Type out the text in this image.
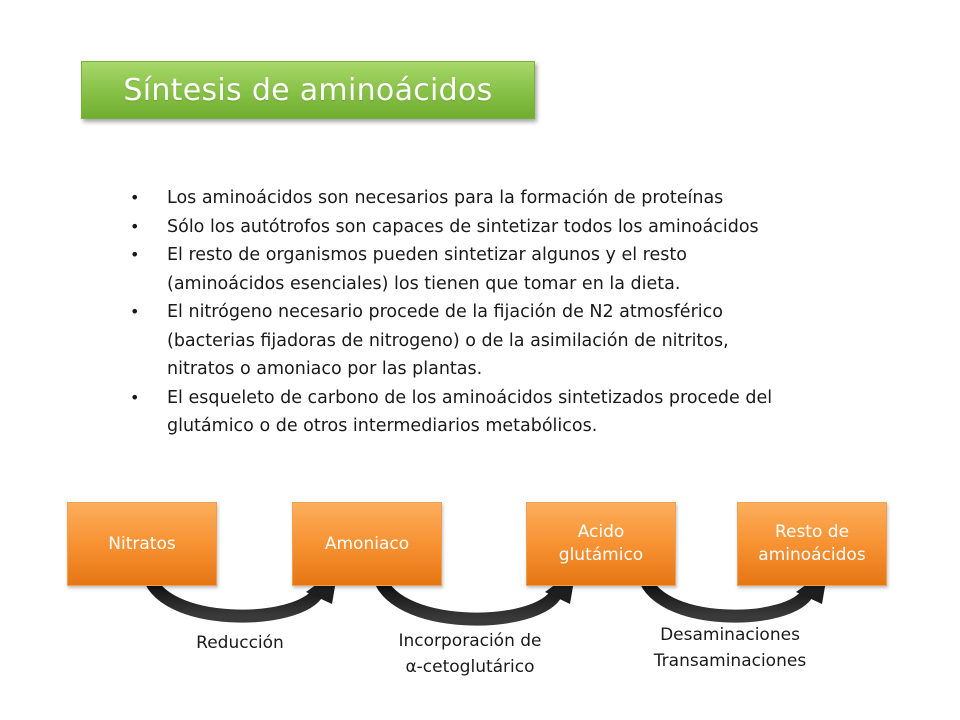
Síntesis de aminoácidos
•	Los aminoácidos son necesarios para la formación de proteínas
•	Sólo los autótrofos son capaces de sintetizar todos los aminoácidos
•	El resto de organismos pueden sintetizar algunos y el resto
(aminoácidos esenciales) los tienen que tomar en la dieta.
•	El nitrógeno necesario procede de la fijación de N2 atmosférico
(bacterias fijadoras de nitrogeno) o de la asimilación de nitritos,
nitratos o amoniaco por las plantas.
•	El esqueleto de carbono de los aminoácidos sintetizados procede del
glutámico o de otros intermediarios metabólicos.
Nitratos	Amoniaco
Acido
glutámico
Resto de
aminoácidos
Reducción	Incorporación de
α-cetoglutárico
Desaminaciones
Transaminaciones
